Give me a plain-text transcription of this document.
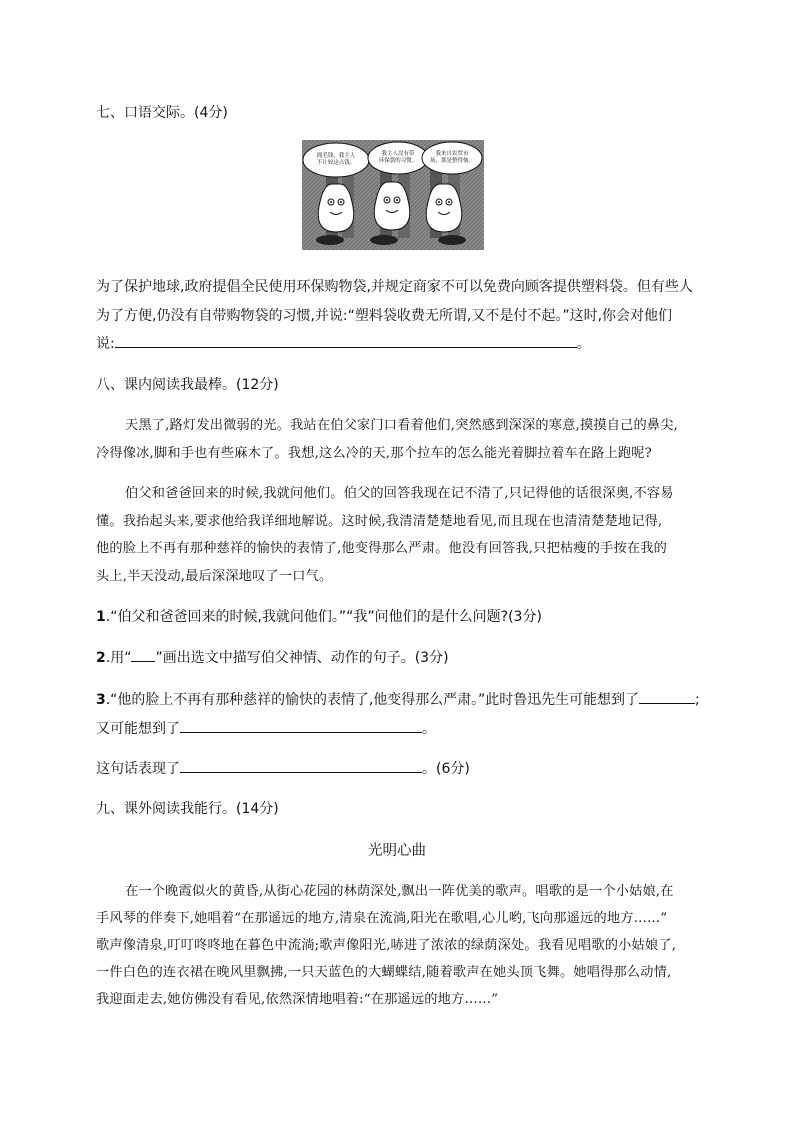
七、口语交际。(4分)
拥毛钱，我主人不计较这点钱。
我主人没有带环保袋的习惯。
我来自农贸市场，那是整得恼。
为了保护地球,政府提倡全民使用环保购物袋,并规定商家不可以免费向顾客提供塑料袋。但有些人
为了方便,仍没有自带购物袋的习惯,并说:“塑料袋收费无所谓,又不是付不起。”这时,你会对他们
说:	。
八、课内阅读我最棒。(12分)
天黑了,路灯发出微弱的光。我站在伯父家门口看着他们,突然感到深深的寒意,摸摸自己的鼻尖,
冷得像冰,脚和手也有些麻木了。我想,这么冷的天,那个拉车的怎么能光着脚拉着车在路上跑呢?
伯父和爸爸回来的时候,我就问他们。伯父的回答我现在记不清了,只记得他的话很深奥,不容易
懂。我抬起头来,要求他给我详细地解说。这时候,我清清楚楚地看见,而且现在也清清楚楚地记得,
他的脸上不再有那种慈祥的愉快的表情了,他变得那么严肃。他没有回答我,只把枯瘦的手按在我的
头上,半天没动,最后深深地叹了一口气。
1.“伯父和爸爸回来的时候,我就问他们。”“我”问他们的是什么问题?(3分)
2.用“ ”画出选文中描写伯父神情、动作的句子。(3分)
3.“他的脸上不再有那种慈祥的愉快的表情了,他变得那么严肃。”此时鲁迅先生可能想到了	;
又可能想到了	。
这句话表现了	。(6分)
九、课外阅读我能行。(14分)
光明心曲
在一个晚霞似火的黄昏,从街心花园的林荫深处,飘出一阵优美的歌声。唱歌的是一个小姑娘,在
手风琴的伴奏下,她唱着“在那遥远的地方,清泉在流淌,阳光在歌唱,心儿哟,飞向那遥远的地方……”
歌声像清泉,叮叮咚咚地在暮色中流淌;歌声像阳光,哧进了浓浓的绿荫深处。我看见唱歌的小姑娘了,
一件白色的连衣裙在晚风里飘拂,一只天蓝色的大蝴蝶结,随着歌声在她头顶飞舞。她唱得那么动情,
我迎面走去,她仿佛没有看见,依然深情地唱着:“在那遥远的地方……”
